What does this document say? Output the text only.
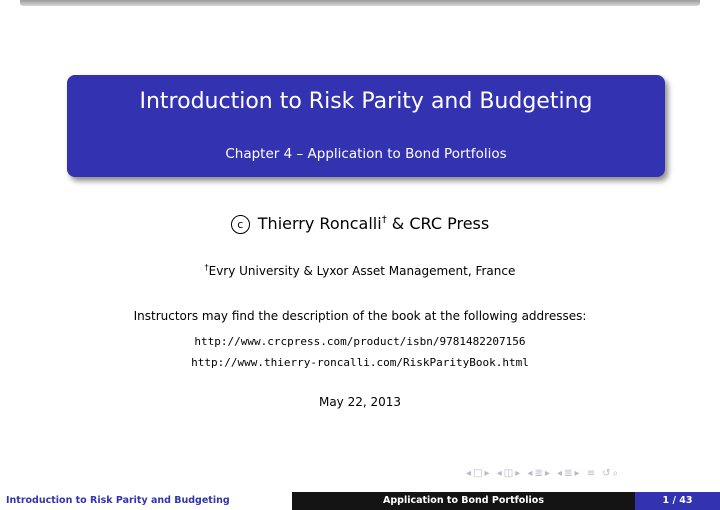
Introduction to Risk Parity and Budgeting
Chapter 4 – Application to Bond Portfolios
c Thierry Roncalli† & CRC Press
†Evry University & Lyxor Asset Management, France
Instructors may find the description of the book at the following addresses:
http://www.crcpress.com/product/isbn/9781482207156
http://www.thierry-roncalli.com/RiskParityBook.html
May 22, 2013
◂□▸ ◂◫▸ ◂≣▸ ◂≣▸ ≡ ↺⌕
Introduction to Risk Parity and Budgeting	Application to Bond Portfolios	1 / 43
